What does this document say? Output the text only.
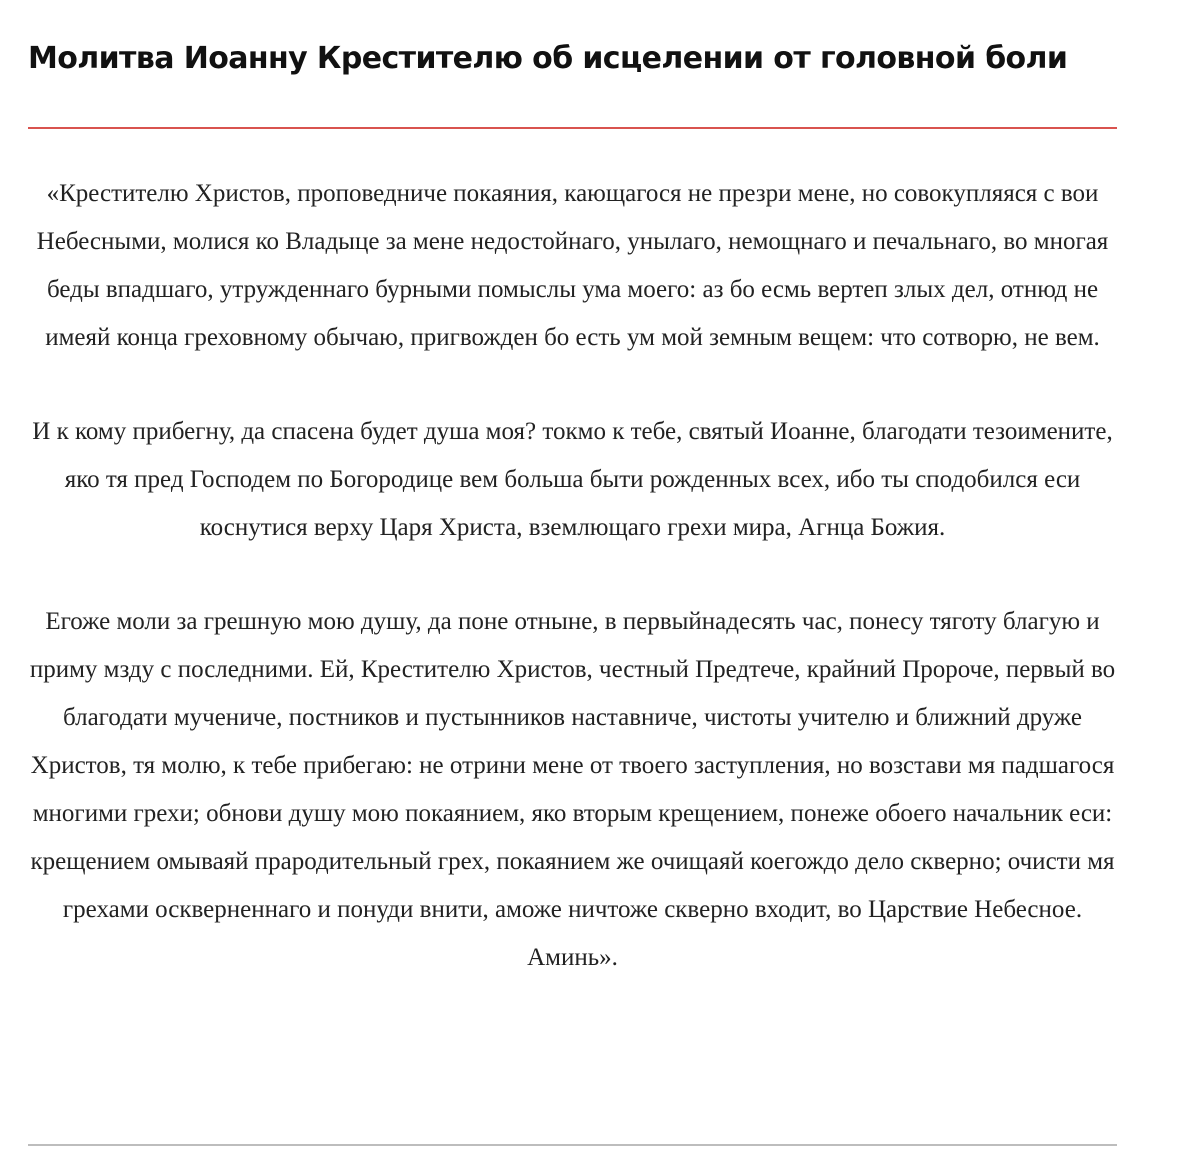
Молитва Иоанну Крестителю об исцелении от головной боли

«Крестителю Христов, проповедниче покаяния, кающагося не презри мене, но совокупляяся с вои Небесными, молися ко Владыце за мене недостойнаго, унылаго, немощнаго и печальнаго, во многая беды впадшаго, утружденнаго бурными помыслы ума моего: аз бо есмь вертеп злых дел, отнюд не имеяй конца греховному обычаю, пригвожден бо есть ум мой земным вещем: что сотворю, не вем.

И к кому прибегну, да спасена будет душа моя? токмо к тебе, святый Иоанне, благодати тезоимените, яко тя пред Господем по Богородице вем больша быти рожденных всех, ибо ты сподобился еси коснутися верху Царя Христа, вземлющаго грехи мира, Агнца Божия.

Егоже моли за грешную мою душу, да поне отныне, в первыйнадесять час, понесу тяготу благую и приму мзду с последними. Ей, Крестителю Христов, честный Предтече, крайний Пророче, первый во благодати мучениче, постников и пустынников наставниче, чистоты учителю и ближний друже Христов, тя молю, к тебе прибегаю: не отрини мене от твоего заступления, но возстави мя падшагося многими грехи; обнови душу мою покаянием, яко вторым крещением, понеже обоего начальник еси: крещением омываяй прародительный грех, покаянием же очищаяй коегождо дело скверно; очисти мя грехами оскверненнаго и понуди внити, аможе ничтоже скверно входит, во Царствие Небесное. Аминь».
